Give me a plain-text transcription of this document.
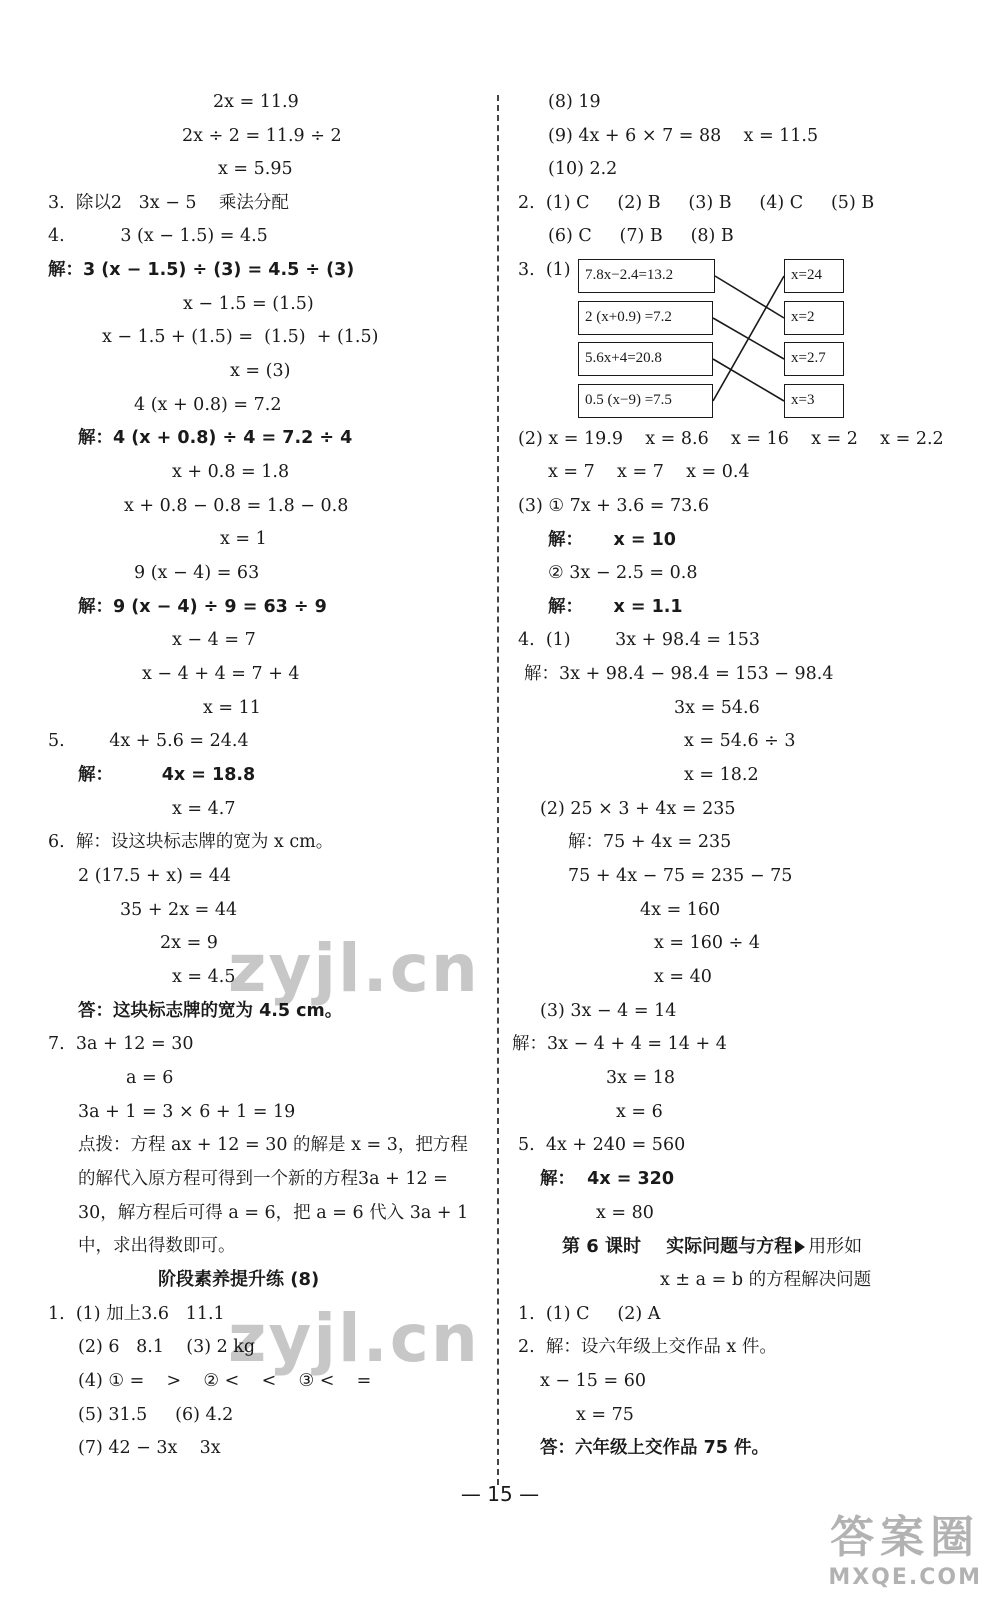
2x = 11.9
2x ÷ 2 = 11.9 ÷ 2
x = 5.95
3.  除以2   3x − 5    乘法分配
4.          3 (x − 1.5) = 4.5
解：3 (x − 1.5) ÷ (3) = 4.5 ÷ (3)
x − 1.5 = (1.5)
x − 1.5 + (1.5) =  (1.5)  + (1.5)
x = (3)
4 (x + 0.8) = 7.2
解：4 (x + 0.8) ÷ 4 = 7.2 ÷ 4
x + 0.8 = 1.8
x + 0.8 − 0.8 = 1.8 − 0.8
x = 1
9 (x − 4) = 63
解：9 (x − 4) ÷ 9 = 63 ÷ 9
x − 4 = 7
x − 4 + 4 = 7 + 4
x = 11
5.        4x + 5.6 = 24.4
解：        4x = 18.8
x = 4.7
6.  解：设这块标志牌的宽为 x cm。
2 (17.5 + x) = 44
35 + 2x = 44
2x = 9
x = 4.5
答：这块标志牌的宽为 4.5 cm。
7.  3a + 12 = 30
a = 6
3a + 1 = 3 × 6 + 1 = 19
点拨：方程 ax + 12 = 30 的解是 x = 3，把方程
的解代入原方程可得到一个新的方程3a + 12 =
30，解方程后可得 a = 6，把 a = 6 代入 3a + 1
中，求出得数即可。
阶段素养提升练 (8)
1.  (1) 加上3.6   11.1
(2) 6   8.1    (3) 2 kg
(4) ① =    >    ② <    <    ③ <    =
(5) 31.5     (6) 4.2
(7) 42 − 3x    3x
(8) 19
(9) 4x + 6 × 7 = 88    x = 11.5
(10) 2.2
2.  (1) C     (2) B     (3) B     (4) C     (5) B
(6) C     (7) B     (8) B
3.  (1) 7.8x−2.4=13.2
2 (x+0.9) =7.2
5.6x+4=20.8
0.5 (x−9) =7.5
x=24
x=2
x=2.7
x=3
(2) x = 19.9    x = 8.6    x = 16    x = 2    x = 2.2
x = 7    x = 7    x = 0.4
(3) ① 7x + 3.6 = 73.6
解：     x = 10
② 3x − 2.5 = 0.8
解：     x = 1.1
4.  (1)        3x + 98.4 = 153
解：3x + 98.4 − 98.4 = 153 − 98.4
3x = 54.6
x = 54.6 ÷ 3
x = 18.2
(2) 25 × 3 + 4x = 235
解：75 + 4x = 235
75 + 4x − 75 = 235 − 75
4x = 160
x = 160 ÷ 4
x = 40
(3) 3x − 4 = 14
解：3x − 4 + 4 = 14 + 4
3x = 18
x = 6
5.  4x + 240 = 560
解：  4x = 320
x = 80
第 6 课时    实际问题与方程 用形如
x ± a = b 的方程解决问题
1.  (1) C     (2) A
2.  解：设六年级上交作品 x 件。
x − 15 = 60
x = 75
答：六年级上交作品 75 件。
zyjl.cn
zyjl.cn
— 15 —
答案圈
MXQE.COM
